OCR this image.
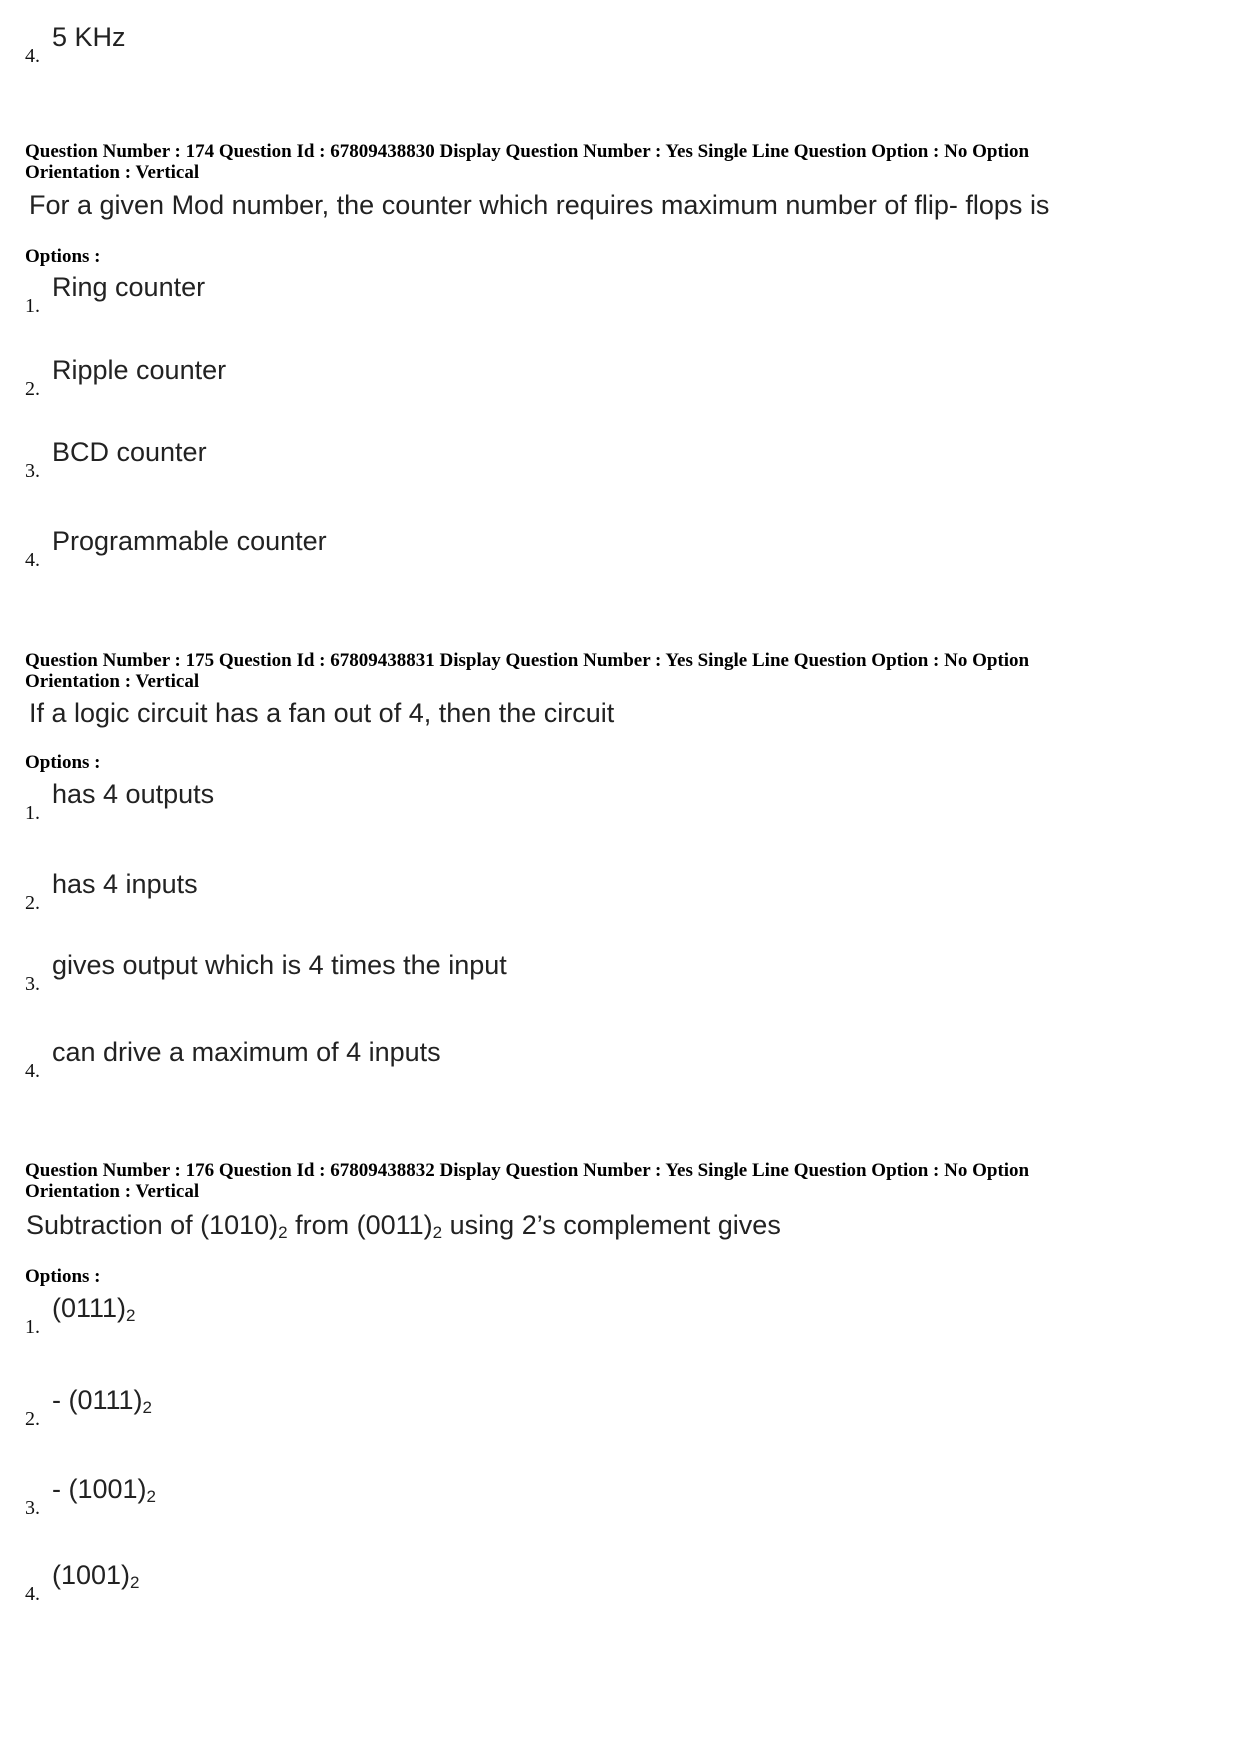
4.
5 KHz
Question Number : 174 Question Id : 67809438830 Display Question Number : Yes Single Line Question Option : No Option
Orientation : Vertical
For a given Mod number, the counter which requires maximum number of flip- flops is
Options :
1.
Ring counter
2.
Ripple counter
3.
BCD counter
4.
Programmable counter
Question Number : 175 Question Id : 67809438831 Display Question Number : Yes Single Line Question Option : No Option
Orientation : Vertical
If a logic circuit has a fan out of 4, then the circuit
Options :
1.
has 4 outputs
2.
has 4 inputs
3.
gives output which is 4 times the input
4.
can drive a maximum of 4 inputs
Question Number : 176 Question Id : 67809438832 Display Question Number : Yes Single Line Question Option : No Option
Orientation : Vertical
Subtraction of $(1010)_2$ from $(0011)_2$ using 2’s complement gives
Options :
1.
$(0111)_2$
2.
- $(0111)_2$
3.
- $(1001)_2$
4.
$(1001)_2$
